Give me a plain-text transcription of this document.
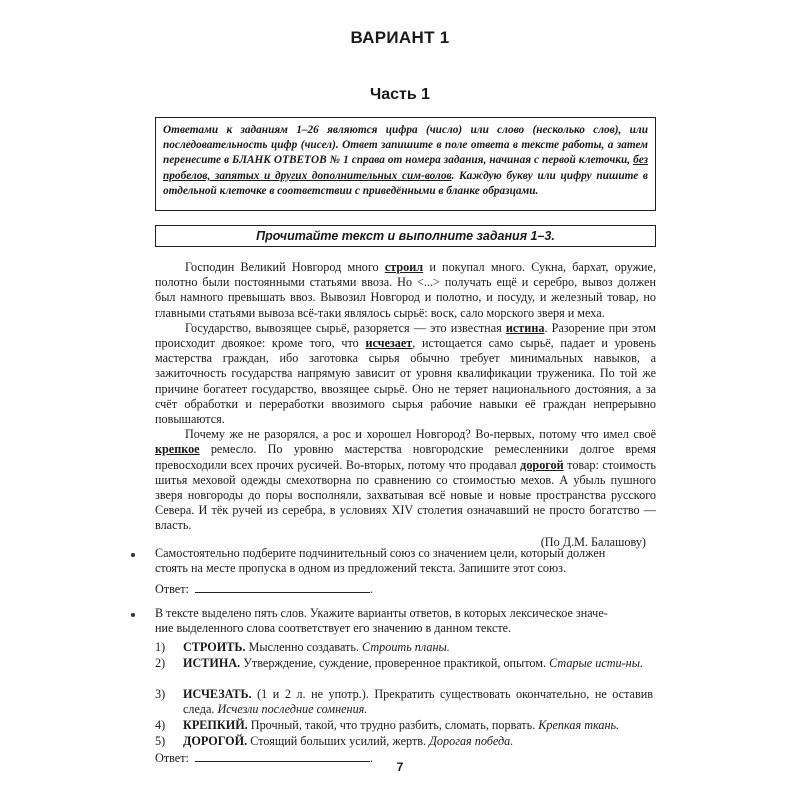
ВАРИАНТ 1
Часть 1
Ответами к заданиям 1–26 являются цифра (число) или слово (несколько слов), или последовательность цифр (чисел). Ответ запишите в поле ответа в тексте работы, а затем перенесите в БЛАНК ОТВЕТОВ № 1 справа от номера задания, начиная с первой клеточки, без пробелов, запятых и других дополнительных сим-волов. Каждую букву или цифру пишите в отдельной клеточке в соответствии с приведёнными в бланке образцами.
Прочитайте текст и выполните задания 1–3.

Господин Великий Новгород много строил и покупал много. Сукна, бархат, оружие, полотно были постоянными статьями ввоза. Но <...> получать ещё и серебро, вывоз должен был намного превышать ввоз. Вывозил Новгород и полотно, и посуду, и железный товар, но главными статьями вывоза всё-таки являлось сырьё: воск, сало морского зверя и меха.

Государство, вывозящее сырьё, разоряется — это известная истина. Разорение при этом происходит двоякое: кроме того, что исчезает, истощается само сырьё, падает и уровень мастерства граждан, ибо заготовка сырья обычно требует минимальных навыков, а зажиточность государства напрямую зависит от уровня квалификации труженика. По той же причине богатеет государство, ввозящее сырьё. Оно не теряет национального достояния, а за счёт обработки и переработки ввозимого сырья рабочие навыки её граждан непрерывно повышаются.

Почему же не разорялся, а рос и хорошел Новгород? Во-первых, потому что имел своё крепкое ремесло. По уровню мастерства новгородские ремесленники долгое время превосходили всех прочих русичей. Во-вторых, потому что продавал дорогой товар: стоимость шитья меховой одежды смехотворна по сравнению со стоимостью мехов. А убыль пушного зверя новгороды до поры восполняли, захватывая всё новые и новые пространства русского Севера. И тёк ручей из серебра, в условиях XIV столетия означавший не просто богатство — власть.

(По Д.М. Балашову)
Самостоятельно подберите подчинительный союз со значением цели, который должен
стоять на месте пропуска в одном из предложений текста. Запишите этот союз.
Ответ:	.
В тексте выделено пять слов. Укажите варианты ответов, в которых лексическое значе-
ние выделенного слова соответствует его значению в данном тексте.
1)	СТРОИТЬ. Мысленно создавать. Строить планы.
2)	ИСТИНА. Утверждение, суждение, проверенное практикой, опытом. Старые исти-ны.
3)	ИСЧЕЗАТЬ. (1 и 2 л. не употр.). Прекратить существовать окончательно, не оставив следа. Исчезли последние сомнения.
4)	КРЕПКИЙ. Прочный, такой, что трудно разбить, сломать, порвать. Крепкая ткань.
5)	ДОРОГОЙ. Стоящий больших усилий, жертв. Дорогая победа.
Ответ:	.
7
